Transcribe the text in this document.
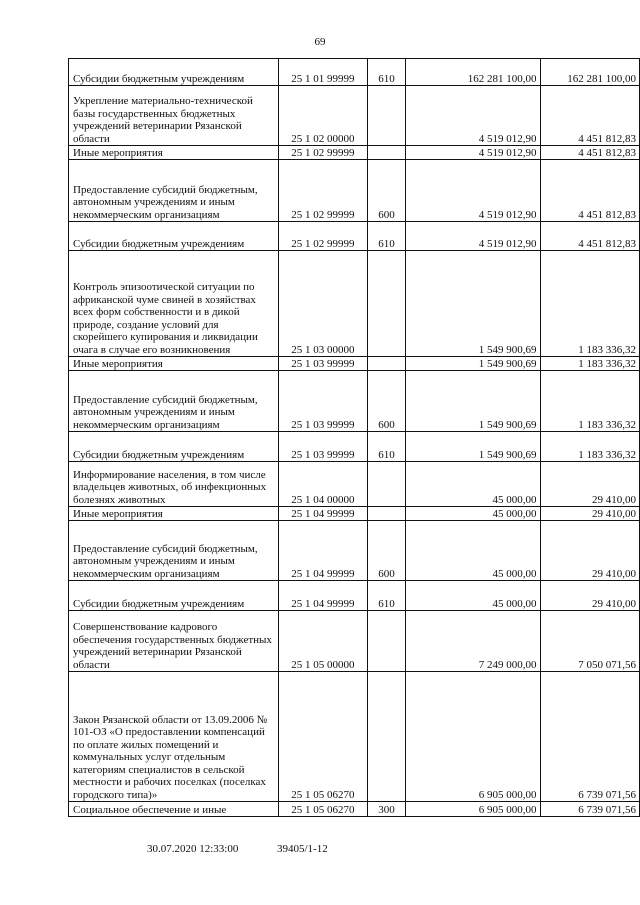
69
Субсидии бюджетным учреждениям	25 1 01 99999	610	162 281 100,00	162 281 100,00
Укрепление материально-технической базы государственных бюджетных учреждений ветеринарии Рязанской области	25 1 02 00000		4 519 012,90	4 451 812,83
Иные мероприятия	25 1 02 99999		4 519 012,90	4 451 812,83
Предоставление субсидий бюджетным, автономным учреждениям и иным некоммерческим организациям	25 1 02 99999	600	4 519 012,90	4 451 812,83
Субсидии бюджетным учреждениям	25 1 02 99999	610	4 519 012,90	4 451 812,83
Контроль эпизоотической ситуации по африканской чуме свиней в хозяйствах всех форм собственности и в дикой природе, создание условий для скорейшего купирования и ликвидации очага в случае его возникновения	25 1 03 00000		1 549 900,69	1 183 336,32
Иные мероприятия	25 1 03 99999		1 549 900,69	1 183 336,32
Предоставление субсидий бюджетным, автономным учреждениям и иным некоммерческим организациям	25 1 03 99999	600	1 549 900,69	1 183 336,32
Субсидии бюджетным учреждениям	25 1 03 99999	610	1 549 900,69	1 183 336,32
Информирование населения, в том числе владельцев животных, об инфекционных болезнях животных	25 1 04 00000		45 000,00	29 410,00
Иные мероприятия	25 1 04 99999		45 000,00	29 410,00
Предоставление субсидий бюджетным, автономным учреждениям и иным некоммерческим организациям	25 1 04 99999	600	45 000,00	29 410,00
Субсидии бюджетным учреждениям	25 1 04 99999	610	45 000,00	29 410,00
Совершенствование кадрового обеспечения государственных бюджетных учреждений ветеринарии Рязанской области	25 1 05 00000		7 249 000,00	7 050 071,56
Закон Рязанской области от 13.09.2006 № 101-ОЗ «О предоставлении компенсаций по оплате жилых помещений и коммунальных услуг отдельным категориям специалистов в сельской местности и рабочих поселках (поселках городского типа)»	25 1 05 06270		6 905 000,00	6 739 071,56
Социальное обеспечение и иные	25 1 05 06270	300	6 905 000,00	6 739 071,56
30.07.2020 12:33:00	39405/1-12
